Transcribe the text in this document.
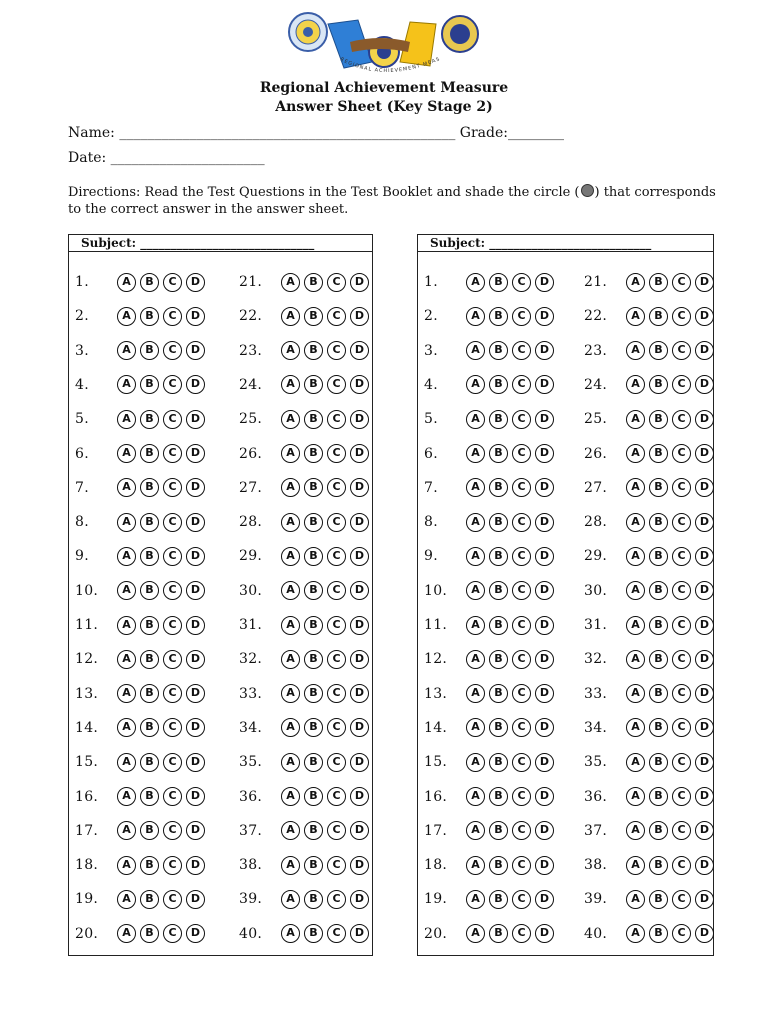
REGIONAL ACHIEVEMENT MEAS
Regional Achievement Measure
Answer Sheet (Key Stage 2)
Name: ________________________________________________ Grade:________
Date: ______________________
Directions: Read the Test Questions in the Test Booklet and shade the circle ( ) that corresponds to the correct answer in the answer sheet.
Subject: _____________________________
1.	A	B	C	D
2.	A	B	C	D
3.	A	B	C	D
4.	A	B	C	D
5.	A	B	C	D
6.	A	B	C	D
7.	A	B	C	D
8.	A	B	C	D
9.	A	B	C	D
10.	A	B	C	D
11.	A	B	C	D
12.	A	B	C	D
13.	A	B	C	D
14.	A	B	C	D
15.	A	B	C	D
16.	A	B	C	D
17.	A	B	C	D
18.	A	B	C	D
19.	A	B	C	D
20.	A	B	C	D
21.	A	B	C	D
22.	A	B	C	D
23.	A	B	C	D
24.	A	B	C	D
25.	A	B	C	D
26.	A	B	C	D
27.	A	B	C	D
28.	A	B	C	D
29.	A	B	C	D
30.	A	B	C	D
31.	A	B	C	D
32.	A	B	C	D
33.	A	B	C	D
34.	A	B	C	D
35.	A	B	C	D
36.	A	B	C	D
37.	A	B	C	D
38.	A	B	C	D
39.	A	B	C	D
40.	A	B	C	D
Subject: ___________________________
1.	A	B	C	D
2.	A	B	C	D
3.	A	B	C	D
4.	A	B	C	D
5.	A	B	C	D
6.	A	B	C	D
7.	A	B	C	D
8.	A	B	C	D
9.	A	B	C	D
10.	A	B	C	D
11.	A	B	C	D
12.	A	B	C	D
13.	A	B	C	D
14.	A	B	C	D
15.	A	B	C	D
16.	A	B	C	D
17.	A	B	C	D
18.	A	B	C	D
19.	A	B	C	D
20.	A	B	C	D
21.	A	B	C	D
22.	A	B	C	D
23.	A	B	C	D
24.	A	B	C	D
25.	A	B	C	D
26.	A	B	C	D
27.	A	B	C	D
28.	A	B	C	D
29.	A	B	C	D
30.	A	B	C	D
31.	A	B	C	D
32.	A	B	C	D
33.	A	B	C	D
34.	A	B	C	D
35.	A	B	C	D
36.	A	B	C	D
37.	A	B	C	D
38.	A	B	C	D
39.	A	B	C	D
40.	A	B	C	D
